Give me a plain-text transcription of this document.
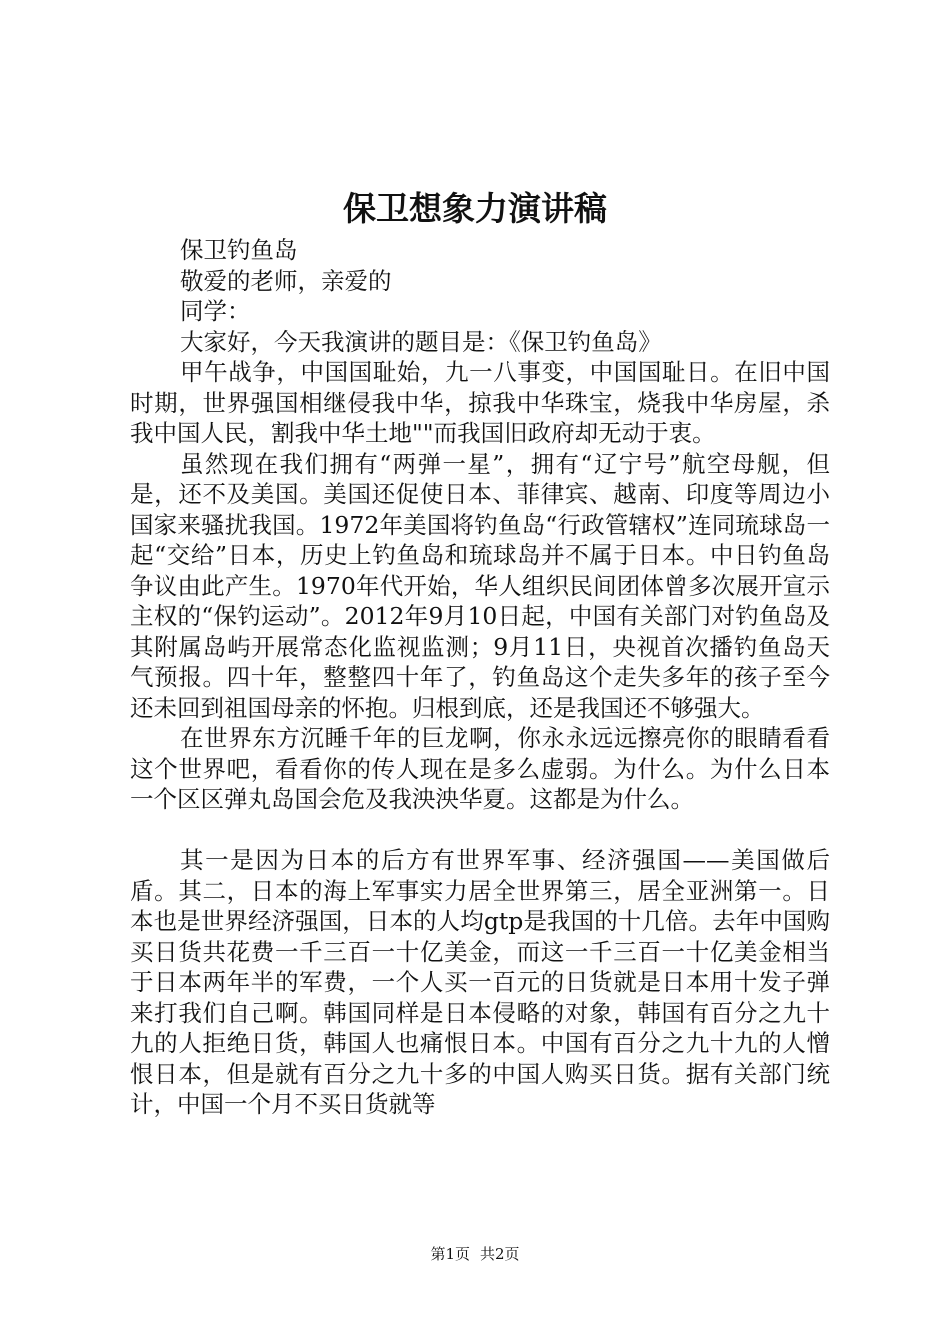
保卫想象力演讲稿

保卫钓鱼岛

敬爱的老师，亲爱的

同学：

大家好，今天我演讲的题目是：《保卫钓鱼岛》

甲午战争，中国国耻始，九一八事变，中国国耻日。在旧中国时期，世界强国相继侵我中华，掠我中华珠宝，烧我中华房屋，杀我中国人民，割我中华土地""而我国旧政府却无动于衷。

虽然现在我们拥有“两弹一星”，拥有“辽宁号”航空母舰，但是，还不及美国。美国还促使日本、菲律宾、越南、印度等周边小国家来骚扰我国。1972年美国将钓鱼岛“行政管辖权”连同琉球岛一起“交给”日本，历史上钓鱼岛和琉球岛并不属于日本。中日钓鱼岛争议由此产生。1970年代开始，华人组织民间团体曾多次展开宣示主权的“保钓运动”。2012年9月10日起，中国有关部门对钓鱼岛及其附属岛屿开展常态化监视监测；9月11日，央视首次播钓鱼岛天气预报。四十年，整整四十年了，钓鱼岛这个走失多年的孩子至今还未回到祖国母亲的怀抱。归根到底，还是我国还不够强大。

在世界东方沉睡千年的巨龙啊，你永永远远擦亮你的眼睛看看这个世界吧，看看你的传人现在是多么虚弱。为什么。为什么日本一个区区弹丸岛国会危及我泱泱华夏。这都是为什么。

其一是因为日本的后方有世界军事、经济强国——美国做后盾。其二，日本的海上军事实力居全世界第三，居全亚洲第一。日本也是世界经济强国，日本的人均gtp是我国的十几倍。去年中国购买日货共花费一千三百一十亿美金，而这一千三百一十亿美金相当于日本两年半的军费，一个人买一百元的日货就是日本用十发子弹来打我们自己啊。韩国同样是日本侵略的对象，韩国有百分之九十九的人拒绝日货，韩国人也痛恨日本。中国有百分之九十九的人憎恨日本，但是就有百分之九十多的中国人购买日货。据有关部门统计，中国一个月不买日货就等

第1页 共2页
